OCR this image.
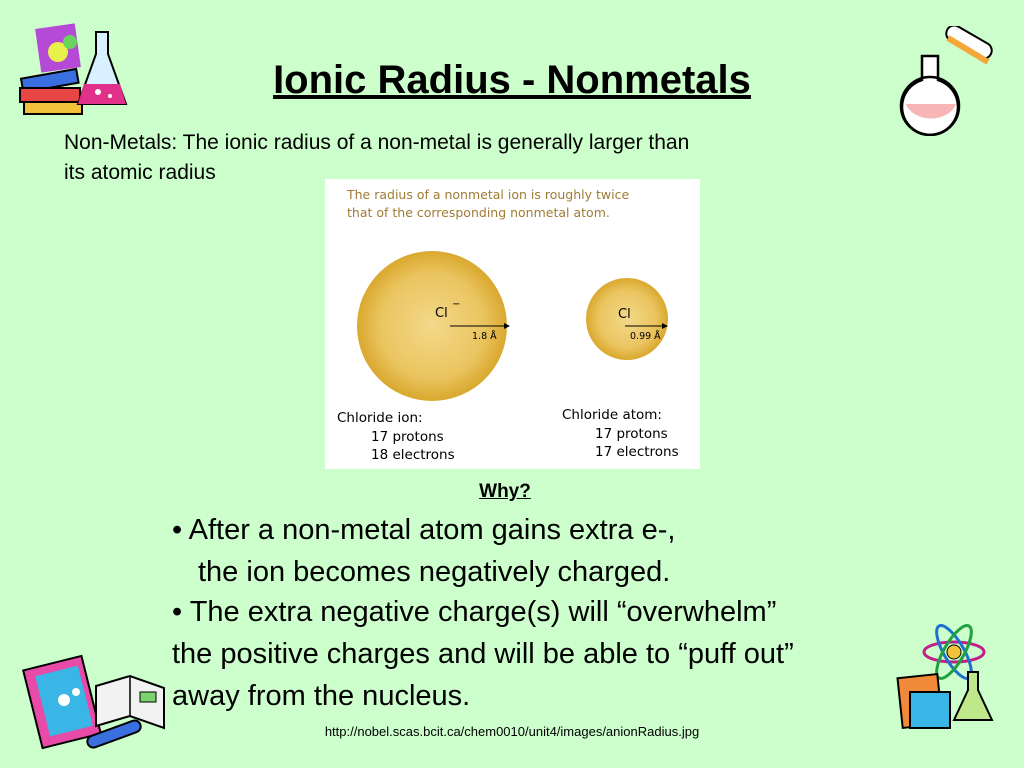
Ionic Radius - Nonmetals
Non-Metals: The ionic radius of a non-metal is generally larger than
its atomic radius
The radius of a nonmetal ion is roughly twice
that of the corresponding nonmetal atom.
Cl
−
1.8 Å
Cl
0.99 Å
Chloride ion:
17 protons
18 electrons
Chloride atom:
17 protons
17 electrons
Why?
• After a non-metal atom gains extra e-,
the ion becomes negatively charged.
• The extra negative charge(s) will “overwhelm”
the positive charges and will be able to “puff out”
away from the nucleus.
http://nobel.scas.bcit.ca/chem0010/unit4/images/anionRadius.jpg
